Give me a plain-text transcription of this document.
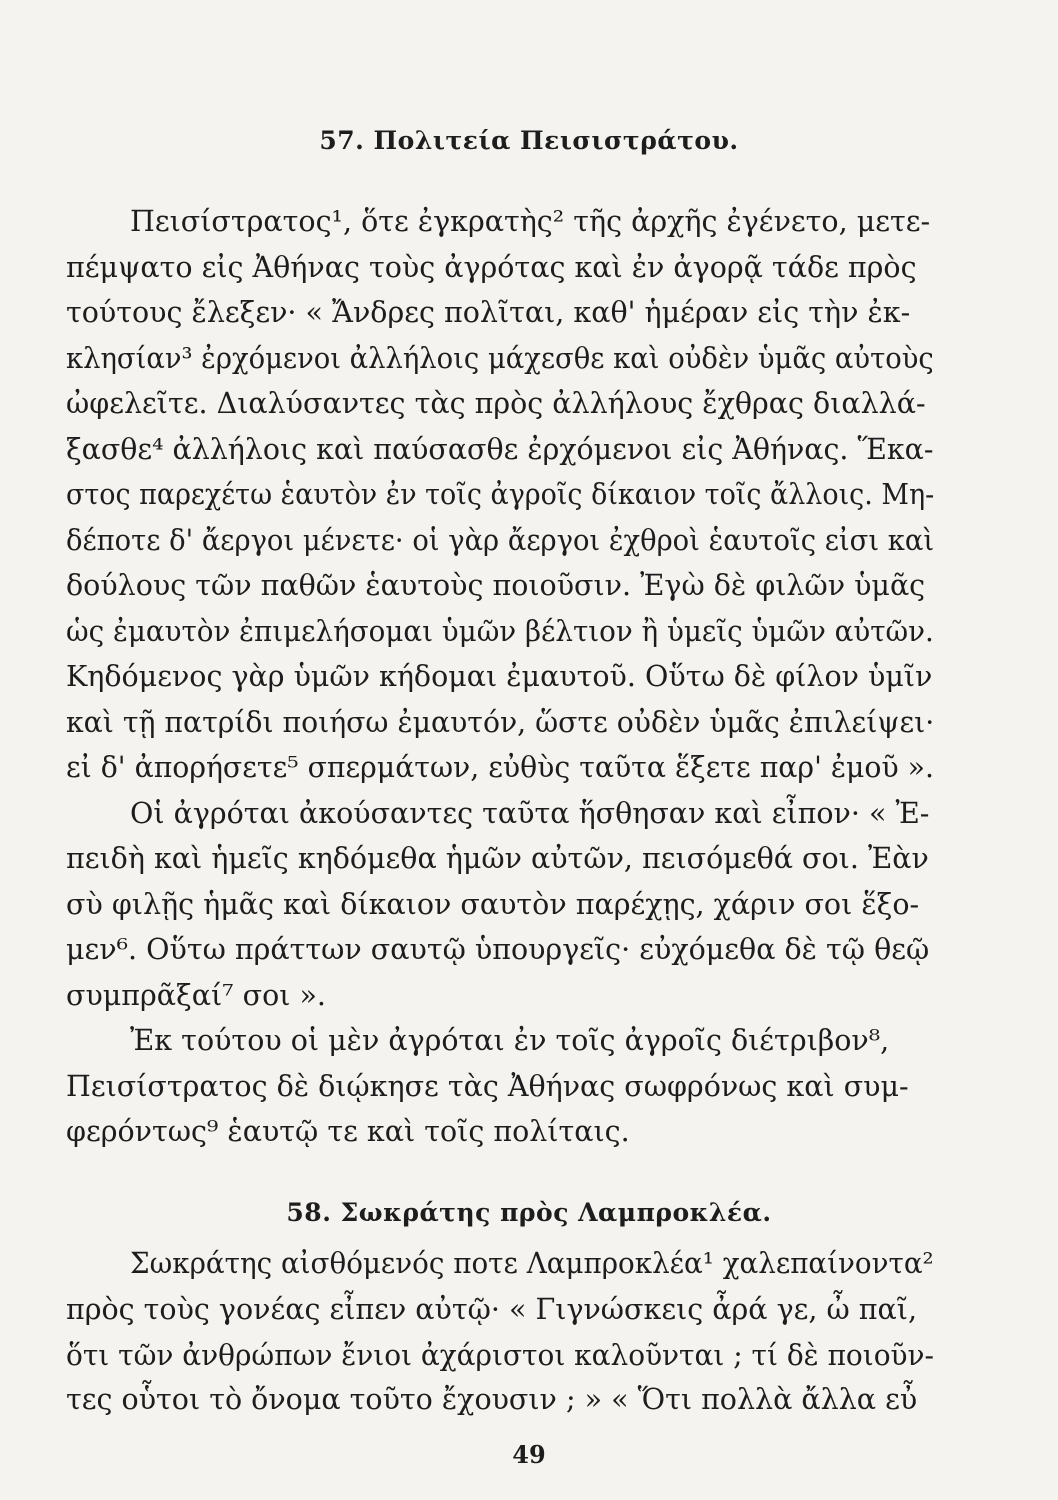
57. Πολιτεία Πεισιστράτου.
Πεισίστρατος¹, ὅτε ἐγκρατὴς² τῆς ἀρχῆς ἐγένετο, μετε-
πέμψατο εἰς Ἀθήνας τοὺς ἀγρότας καὶ ἐν ἀγορᾷ τάδε πρὸς
τούτους ἔλεξεν· « Ἄνδρες πολῖται, καθ' ἡμέραν εἰς τὴν ἐκ-
κλησίαν³ ἐρχόμενοι ἀλλήλοις μάχεσθε καὶ οὐδὲν ὑμᾶς αὐτοὺς
ὠφελεῖτε. Διαλύσαντες τὰς πρὸς ἀλλήλους ἔχθρας διαλλά-
ξασθε⁴ ἀλλήλοις καὶ παύσασθε ἐρχόμενοι εἰς Ἀθήνας. Ἕκα-
στος παρεχέτω ἑαυτὸν ἐν τοῖς ἀγροῖς δίκαιον τοῖς ἄλλοις. Μη-
δέποτε δ' ἄεργοι μένετε· οἱ γὰρ ἄεργοι ἐχθροὶ ἑαυτοῖς εἰσι καὶ
δούλους τῶν παθῶν ἑαυτοὺς ποιοῦσιν. Ἐγὼ δὲ φιλῶν ὑμᾶς
ὡς ἐμαυτὸν ἐπιμελήσομαι ὑμῶν βέλτιον ἢ ὑμεῖς ὑμῶν αὐτῶν.
Κηδόμενος γὰρ ὑμῶν κήδομαι ἐμαυτοῦ. Οὕτω δὲ φίλον ὑμῖν
καὶ τῇ πατρίδι ποιήσω ἐμαυτόν, ὥστε οὐδὲν ὑμᾶς ἐπιλείψει·
εἰ δ' ἀπορήσετε⁵ σπερμάτων, εὐθὺς ταῦτα ἕξετε παρ' ἐμοῦ ».
Οἱ ἀγρόται ἀκούσαντες ταῦτα ἥσθησαν καὶ εἶπον· « Ἐ-
πειδὴ καὶ ἡμεῖς κηδόμεθα ἡμῶν αὐτῶν, πεισόμεθά σοι. Ἐὰν
σὺ φιλῇς ἡμᾶς καὶ δίκαιον σαυτὸν παρέχῃς, χάριν σοι ἕξο-
μεν⁶. Οὕτω πράττων σαυτῷ ὑπουργεῖς· εὐχόμεθα δὲ τῷ θεῷ
συμπρᾶξαί⁷ σοι ».
Ἐκ τούτου οἱ μὲν ἀγρόται ἐν τοῖς ἀγροῖς διέτριβον⁸,
Πεισίστρατος δὲ διῴκησε τὰς Ἀθήνας σωφρόνως καὶ συμ-
φερόντως⁹ ἑαυτῷ τε καὶ τοῖς πολίταις.
58. Σωκράτης πρὸς Λαμπροκλέα.
Σωκράτης αἰσθόμενός ποτε Λαμπροκλέα¹ χαλεπαίνοντα²
πρὸς τοὺς γονέας εἶπεν αὐτῷ· « Γιγνώσκεις ἆρά γε, ὦ παῖ,
ὅτι τῶν ἀνθρώπων ἔνιοι ἀχάριστοι καλοῦνται ; τί δὲ ποιοῦν-
49
τες οὗτοι τὸ ὄνομα τοῦτο ἔχουσιν ; » « Ὅτι πολλὰ ἄλλα εὖ
